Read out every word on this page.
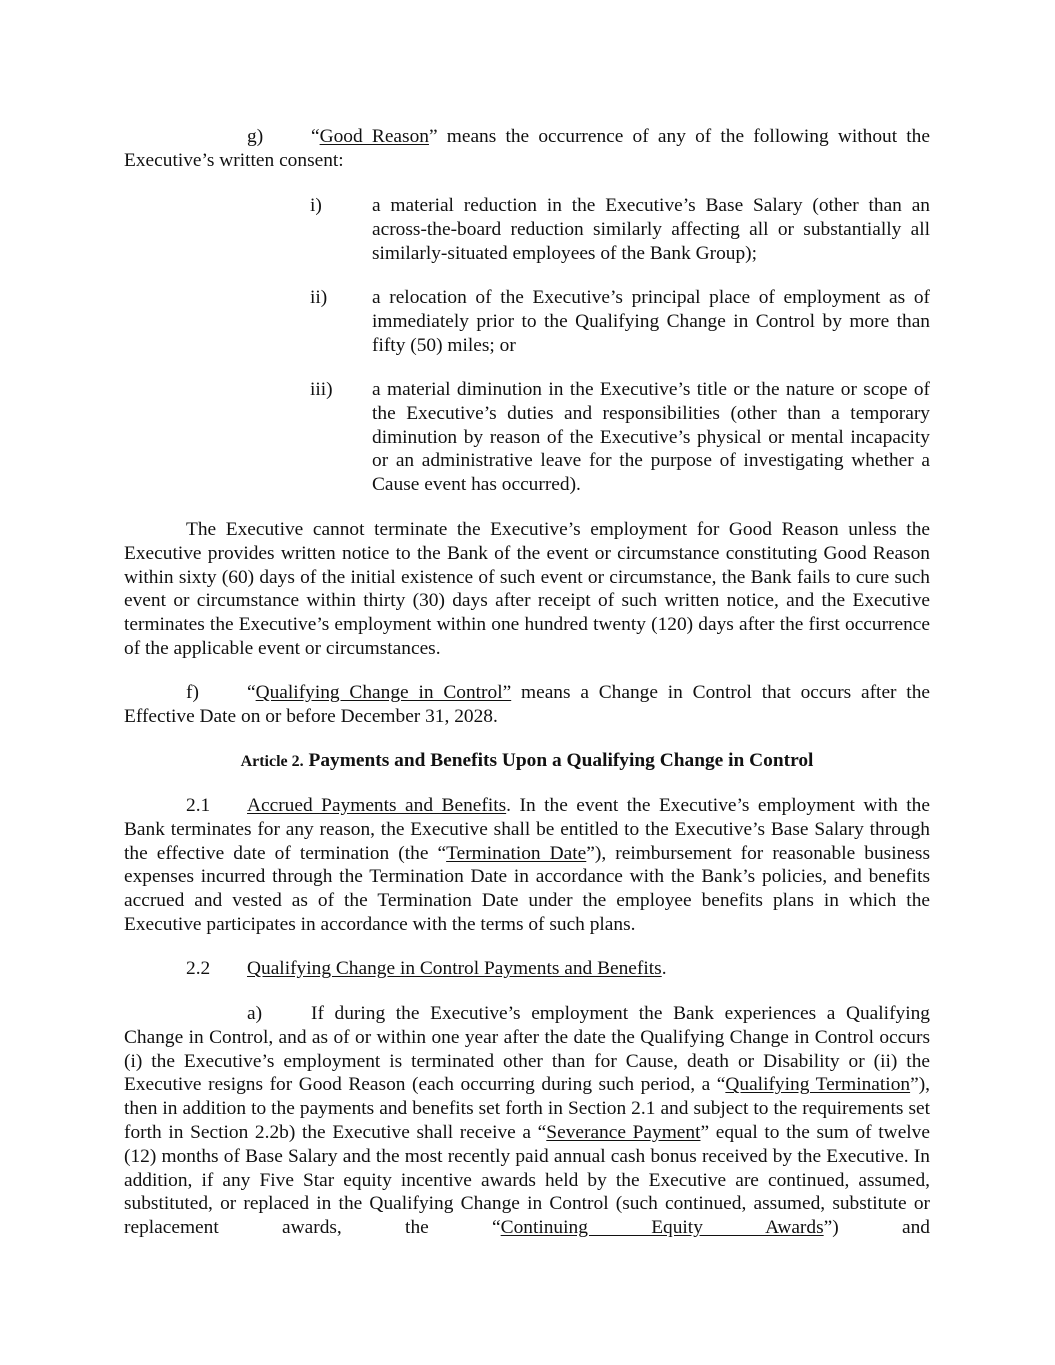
g) “Good Reason” means the occurrence of any of the following without the Executive’s written consent:
i)	a material reduction in the Executive’s Base Salary (other than an across-the-board reduction similarly affecting all or substantially all similarly-situated employees of the Bank Group);
ii) a relocation of the Executive’s principal place of employment as of immediately prior to the Qualifying Change in Control by more than fifty (50) miles; or
iii) a material diminution in the Executive’s title or the nature or scope of the Executive’s duties and responsibilities (other than a temporary diminution by reason of the Executive’s physical or mental incapacity or an administrative leave for the purpose of investigating whether a Cause event has occurred).
The Executive cannot terminate the Executive’s employment for Good Reason unless the Executive provides written notice to the Bank of the event or circumstance constituting Good Reason within sixty (60) days of the initial existence of such event or circumstance, the Bank fails to cure such event or circumstance within thirty (30) days after receipt of such written notice, and the Executive terminates the Executive’s employment within one hundred twenty (120) days after the first occurrence of the applicable event or circumstances.
f) “Qualifying Change in Control” means a Change in Control that occurs after the Effective Date on or before December 31, 2028.
Article 2. Payments and Benefits Upon a Qualifying Change in Control
2.1 Accrued Payments and Benefits. In the event the Executive’s employment with the Bank terminates for any reason, the Executive shall be entitled to the Executive’s Base Salary through the effective date of termination (the “Termination Date”), reimbursement for reasonable business expenses incurred through the Termination Date in accordance with the Bank’s policies, and benefits accrued and vested as of the Termination Date under the employee benefits plans in which the Executive participates in accordance with the terms of such plans.
2.2 Qualifying Change in Control Payments and Benefits.
a)	If during the Executive’s employment the Bank experiences a Qualifying Change in Control, and as of or within one year after the date the Qualifying Change in Control occurs (i) the Executive’s employment is terminated other than for Cause, death or Disability or (ii) the Executive resigns for Good Reason (each occurring during such period, a “Qualifying Termination”), then in addition to the payments and benefits set forth in Section 2.1 and subject to the requirements set forth in Section 2.2b) the Executive shall receive a “Severance Payment” equal to the sum of twelve (12) months of Base Salary and the most recently paid annual cash bonus received by the Executive. In addition, if any Five Star equity incentive awards held by the Executive are continued, assumed, substituted, or replaced in the Qualifying Change in Control (such continued, assumed, substitute or replacement awards, the “Continuing Equity Awards”) and
